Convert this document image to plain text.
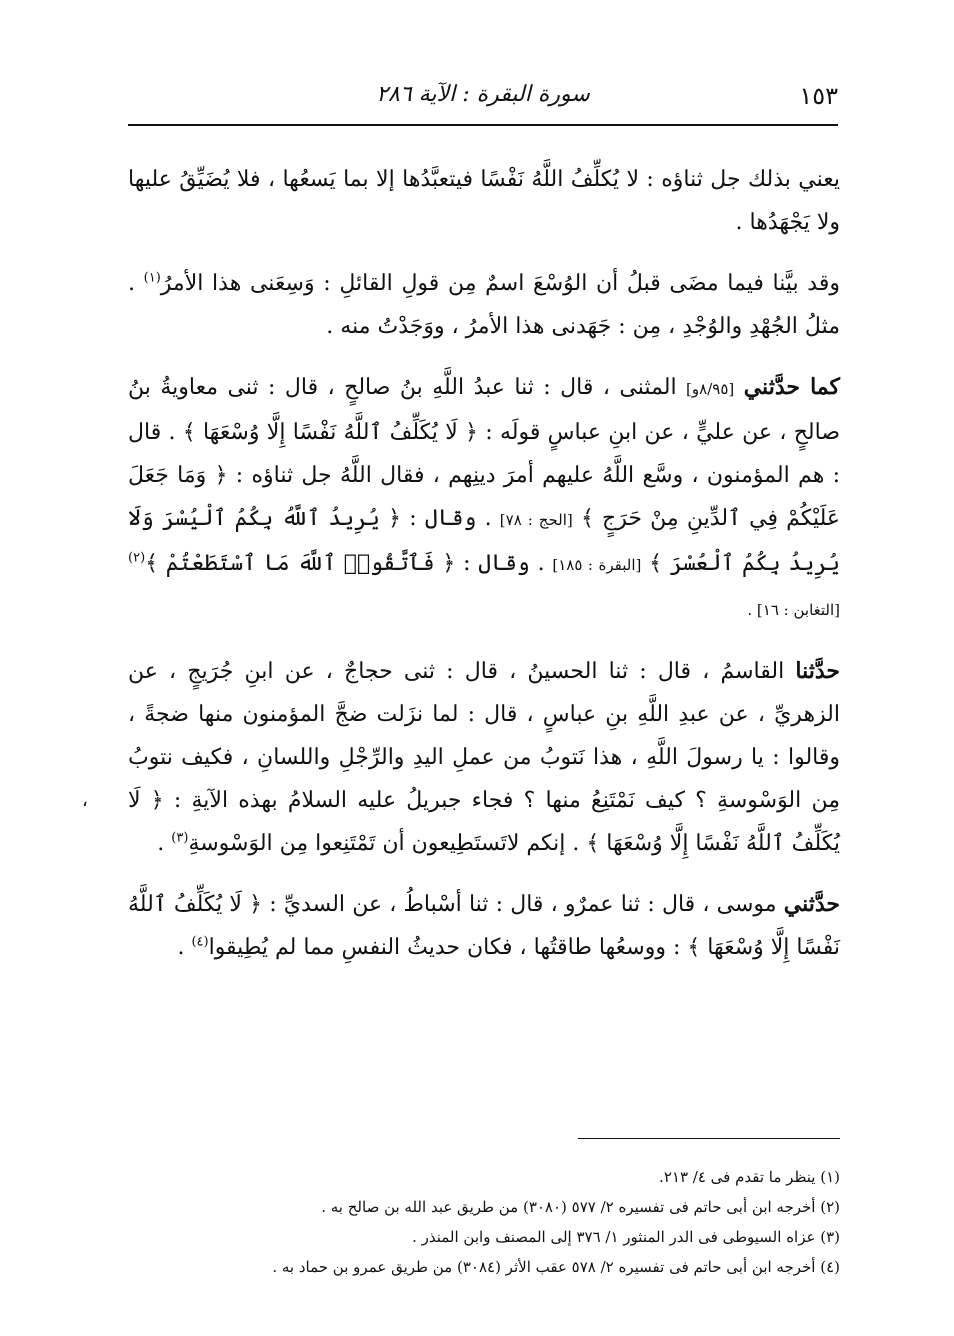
١٥٣
سورة البقرة : الآية ٢٨٦

يعني بذلك جل ثناؤه : لا يُكلِّفُ اللَّهُ نَفْسًا فيتعبَّدُها إلا بما يَسعُها ، فلا يُضَيِّقُ عليها ولا يَجْهَدُها .

وقد بيَّنا فيما مضَى قبلُ أن الوُسْعَ اسمٌ مِن قولِ القائلِ : وَسِعَنى هذا الأمرُ$^{(١)}$ . مثلُ الجُهْدِ والوُجْدِ ، مِن : جَهَدنى هذا الأمرُ ، ووَجَدْتُ منه .

كما حدَّثني [٨/٩٥و] المثنى ، قال : ثنا عبدُ اللَّهِ بنُ صالحٍ ، قال : ثنى معاويةُ بنُ صالحٍ ، عن عليٍّ ، عن ابنِ عباسٍ قولَه : ﴿ لَا يُكَلِّفُ ٱللَّهُ نَفْسًا إِلَّا وُسْعَهَا ﴾ . قال : هم المؤمنون ، وسَّع اللَّهُ عليهم أمرَ دينِهم ، فقال اللَّهُ جل ثناؤه : ﴿ وَمَا جَعَلَ عَلَيْكُمْ فِي ٱلدِّينِ مِنْ حَرَجٍ ﴾ [الحج : ٧٨] . وقال : ﴿ يُرِيدُ ٱللَّهُ بِكُمُ ٱلْيُسْرَ وَلَا يُرِيدُ بِكُمُ ٱلْعُسْرَ ﴾ [البقرة : ١٨٥] . وقال : ﴿ فَٱتَّقُوا۟ ٱللَّهَ مَا ٱسْتَطَعْتُمْ ﴾$^{(٢)}$ [التغابن : ١٦] .

حدَّثنا القاسمُ ، قال : ثنا الحسينُ ، قال : ثنى حجاجٌ ، عن ابنِ جُرَيجٍ ، عن الزهريِّ ، عن عبدِ اللَّهِ بنِ عباسٍ ، قال : لما نزَلت ضجَّ المؤمنون منها ضجةً ، وقالوا : يا رسولَ اللَّهِ ، هذا نَتوبُ من عملِ اليدِ والرِّجْلِ واللسانِ ، فكيف نتوبُ مِن الوَسْوسةِ ؟ كيف نَمْتَنِعُ منها ؟ فجاء جبريلُ عليه السلامُ بهذه الآيةِ : ﴿ لَا يُكَلِّفُ ٱللَّهُ نَفْسًا إِلَّا وُسْعَهَا ﴾ . إنكم لاتَستَطِيعون أن تَمْتَنِعوا مِن الوَسْوسةِ$^{(٣)}$ .

حدَّثني موسى ، قال : ثنا عمرٌو ، قال : ثنا أسْباطُ ، عن السديِّ : ﴿ لَا يُكَلِّفُ ٱللَّهُ نَفْسًا إِلَّا وُسْعَهَا ﴾ : ووسعُها طاقتُها ، فكان حديثُ النفسِ مما لم يُطِيقوا$^{(٤)}$ .

،

(١) ينظر ما تقدم فى ٤/ ٢١٣.

(٢) أخرجه ابن أبى حاتم فى تفسيره ٢/ ٥٧٧ (٣٠٨٠) من طريق عبد الله بن صالح به .

(٣) عزاه السيوطى فى الدر المنثور ١/ ٣٧٦ إلى المصنف وابن المنذر .

(٤) أخرجه ابن أبى حاتم فى تفسيره ٢/ ٥٧٨ عقب الأثر (٣٠٨٤) من طريق عمرو بن حماد به .
